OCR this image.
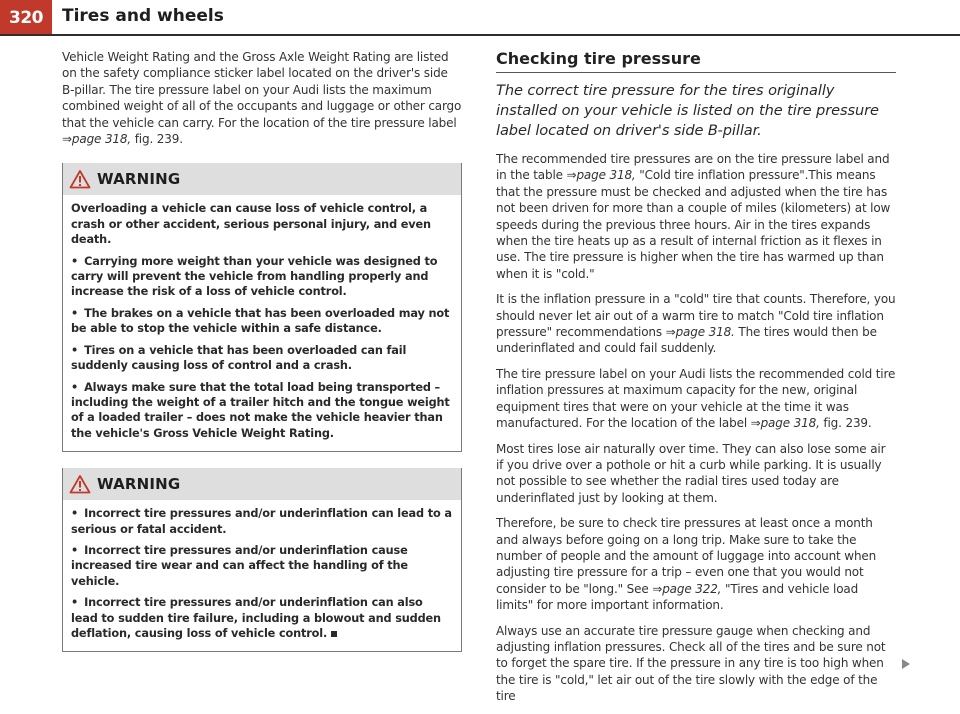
320	Tires and wheels

Vehicle Weight Rating and the Gross Axle Weight Rating are listed on the safety compliance sticker label located on the driver's side B-pillar. The tire pressure label on your Audi lists the maximum combined weight of all of the occupants and luggage or other cargo that the vehicle can carry. For the location of the tire pressure label ⇒page 318, fig. 239.

WARNING

Overloading a vehicle can cause loss of vehicle control, a crash or other accident, serious personal injury, and even death.

• Carrying more weight than your vehicle was designed to carry will prevent the vehicle from handling properly and increase the risk of a loss of vehicle control.

• The brakes on a vehicle that has been overloaded may not be able to stop the vehicle within a safe distance.

• Tires on a vehicle that has been overloaded can fail suddenly causing loss of control and a crash.

• Always make sure that the total load being transported – including the weight of a trailer hitch and the tongue weight of a loaded trailer – does not make the vehicle heavier than the vehicle's Gross Vehicle Weight Rating.

WARNING

• Incorrect tire pressures and/or underinflation can lead to a serious or fatal accident.

• Incorrect tire pressures and/or underinflation cause increased tire wear and can affect the handling of the vehicle.

• Incorrect tire pressures and/or underinflation can also lead to sudden tire failure, including a blowout and sudden deflation, causing loss of vehicle control.

Checking tire pressure

The correct tire pressure for the tires originally installed on your vehicle is listed on the tire pressure label located on driver's side B-pillar.

The recommended tire pressures are on the tire pressure label and in the table ⇒page 318, "Cold tire inflation pressure".This means that the pressure must be checked and adjusted when the tire has not been driven for more than a couple of miles (kilometers) at low speeds during the previous three hours. Air in the tires expands when the tire heats up as a result of internal friction as it flexes in use. The tire pressure is higher when the tire has warmed up than when it is "cold."

It is the inflation pressure in a "cold" tire that counts. Therefore, you should never let air out of a warm tire to match "Cold tire inflation pressure" recommendations ⇒page 318. The tires would then be underinflated and could fail suddenly.

The tire pressure label on your Audi lists the recommended cold tire inflation pressures at maximum capacity for the new, original equipment tires that were on your vehicle at the time it was manufactured. For the location of the label ⇒page 318, fig. 239.

Most tires lose air naturally over time. They can also lose some air if you drive over a pothole or hit a curb while parking. It is usually not possible to see whether the radial tires used today are underinflated just by looking at them.

Therefore, be sure to check tire pressures at least once a month and always before going on a long trip. Make sure to take the number of people and the amount of luggage into account when adjusting tire pressure for a trip – even one that you would not consider to be "long." See ⇒page 322, "Tires and vehicle load limits" for more important information.

Always use an accurate tire pressure gauge when checking and adjusting inflation pressures. Check all of the tires and be sure not to forget the spare tire. If the pressure in any tire is too high when the tire is "cold," let air out of the tire slowly with the edge of the tire
